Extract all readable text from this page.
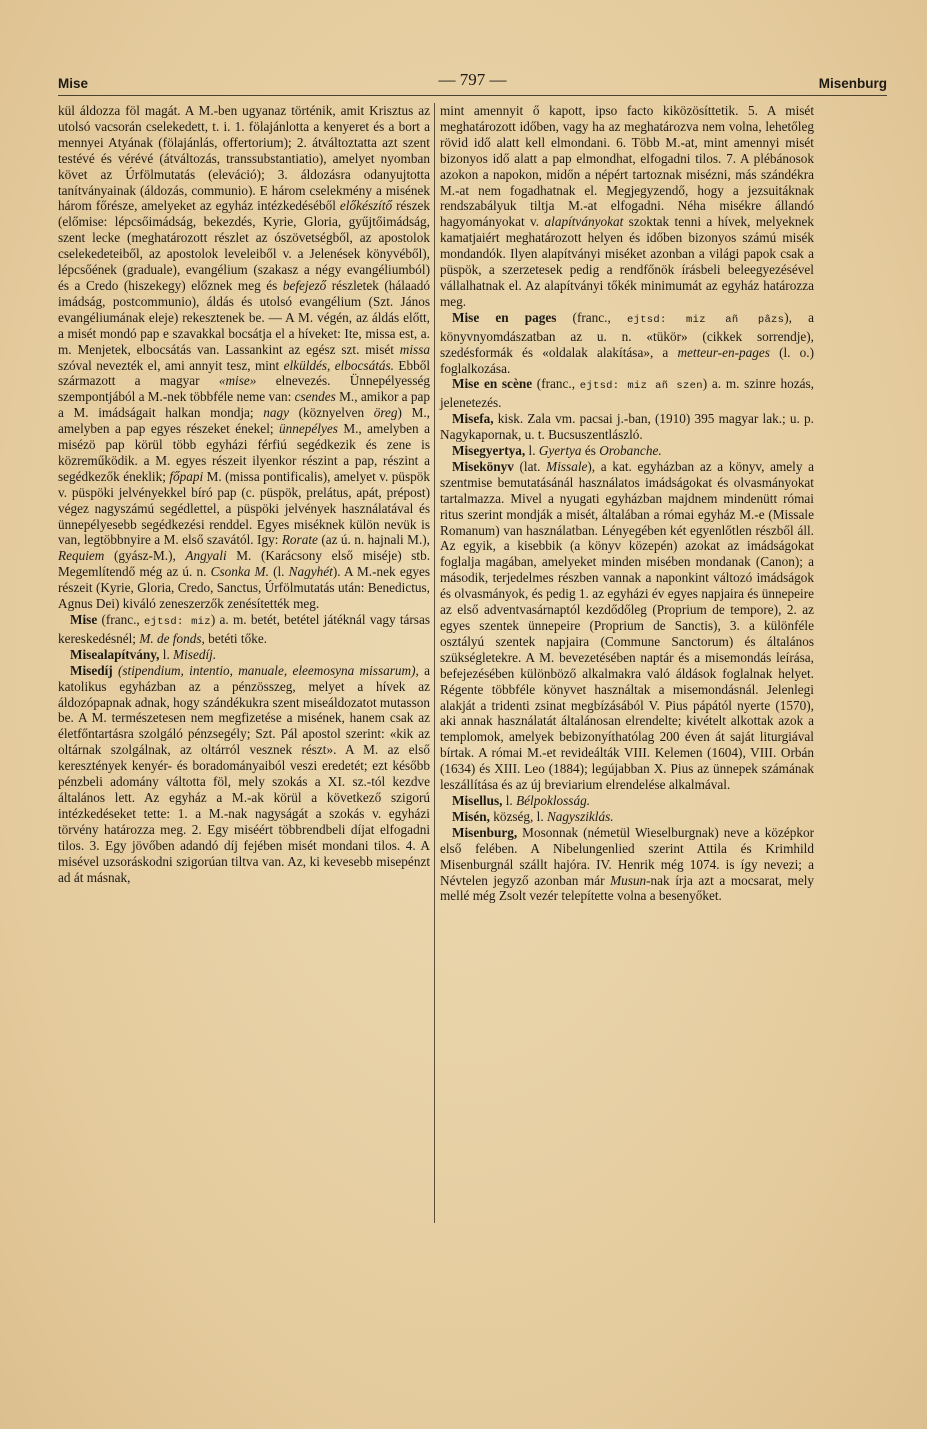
Mise	— 797 —	Misenburg

kül áldozza föl magát. A M.-ben ugyanaz történik, amit Krisztus az utolsó vacsorán cselekedett, t. i. 1. fölajánlotta a kenyeret és a bort a mennyei Atyának (fölajánlás, offertorium); 2. átváltoztatta azt szent testévé és vérévé (átváltozás, transsubstantiatio), amelyet nyomban követ az Úrfölmutatás (eleváció); 3. áldozásra odanyujtotta tanítványainak (áldozás, communio). E három cselekmény a misének három főrésze, amelyeket az egyház intézkedéséből előkészítő részek (előmise: lépcsőimádság, bekezdés, Kyrie, Gloria, gyűjtőimádság, szent lecke (meghatározott részlet az ószövetségből, az apostolok cselekedeteiből, az apostolok leveleiből v. a Jelenések könyvéből), lépcsőének (graduale), evangélium (szakasz a négy evangéliumból) és a Credo (hiszekegy) előznek meg és befejező részletek (hálaadó imádság, postcommunio), áldás és utolsó evangélium (Szt. János evangéliumának eleje) rekesztenek be. — A M. végén, az áldás előtt, a misét mondó pap e szavakkal bocsátja el a híveket: Ite, missa est, a. m. Menjetek, elbocsátás van. Lassankint az egész szt. misét missa szóval nevezték el, ami annyit tesz, mint elküldés, elbocsátás. Ebből származott a magyar «mise» elnevezés. Ünnepélyesség szempontjából a M.-nek többféle neme van: csendes M., amikor a pap a M. imádságait halkan mondja; nagy (köznyelven öreg) M., amelyben a pap egyes részeket énekel; ünnepélyes M., amelyben a misézö pap körül több egyházi férfiú segédkezik és zene is közreműködik. a M. egyes részeit ilyenkor részint a pap, részint a segédkezők éneklik; főpapi M. (missa pontificalis), amelyet v. püspök v. püspöki jelvényekkel bíró pap (c. püspök, prelátus, apát, prépost) végez nagyszámú segédlettel, a püspöki jelvények használatával és ünnepélyesebb segédkezési renddel. Egyes miséknek külön nevük is van, legtöbbnyire a M. első szavától. Igy: Rorate (az ú. n. hajnali M.), Requiem (gyász-M.), Angyali M. (Karácsony első miséje) stb. Megemlítendő még az ú. n. Csonka M. (l. Nagyhét). A M.-nek egyes részeit (Kyrie, Gloria, Credo, Sanctus, Úrfölmutatás után: Benedictus, Agnus Dei) kiváló zeneszerzők zenésítették meg.

Mise (franc., ejtsd: miz) a. m. betét, betétel játéknál vagy társas kereskedésnél; M. de fonds, betéti tőke.

Misealapítvány, l. Misedíj.

Misedíj (stipendium, intentio, manuale, eleemosyna missarum), a katolikus egyházban az a pénzösszeg, melyet a hívek az áldozópapnak adnak, hogy szándékukra szent miseáldozatot mutasson be. A M. természetesen nem megfizetése a misének, hanem csak az életfőntartásra szolgáló pénzsegély; Szt. Pál apostol szerint: «kik az oltárnak szolgálnak, az oltárról vesznek részt». A M. az első keresztények kenyér- és boradományaiból veszi eredetét; ezt később pénzbeli adomány váltotta föl, mely szokás a XI. sz.-tól kezdve általános lett. Az egyház a M.-ak körül a következő szigorú intézkedéseket tette: 1. a M.-nak nagyságát a szokás v. egyházi törvény határozza meg. 2. Egy miséért többrendbeli díjat elfogadni tilos. 3. Egy jövőben adandó díj fejében misét mondani tilos. 4. A misével uzsoráskodni szigorúan tiltva van. Az, ki kevesebb misepénzt ad át másnak,

mint amennyit ő kapott, ipso facto kiközösíttetik. 5. A misét meghatározott időben, vagy ha az meghatározva nem volna, lehetőleg rövid idő alatt kell elmondani. 6. Több M.-at, mint amennyi misét bizonyos idő alatt a pap elmondhat, elfogadni tilos. 7. A plébánosok azokon a napokon, midőn a népért tartoznak misézni, más szándékra M.-at nem fogadhatnak el. Megjegyzendő, hogy a jezsuitáknak rendszabályuk tiltja M.-at elfogadni. Néha misékre állandó hagyományokat v. alapítványokat szoktak tenni a hívek, melyeknek kamatjaiért meghatározott helyen és időben bizonyos számú misék mondandók. Ilyen alapítványi miséket azonban a világi papok csak a püspök, a szerzetesek pedig a rendfőnök írásbeli beleegyezésével vállalhatnak el. Az alapítványi tőkék minimumát az egyház határozza meg.

Mise en pages (franc., ejtsd: miz añ pâzs), a könyvnyomdászatban az u. n. «tükör» (cikkek sorrendje), szedésformák és «oldalak alakítása», a metteur-en-pages (l. o.) foglalkozása.

Mise en scène (franc., ejtsd: miz añ szen) a. m. szinre hozás, jelenetezés.

Misefa, kisk. Zala vm. pacsai j.-ban, (1910) 395 magyar lak.; u. p. Nagykapornak, u. t. Bucsuszentlászló.

Misegyertya, l. Gyertya és Orobanche.

Misekönyv (lat. Missale), a kat. egyházban az a könyv, amely a szentmise bemutatásánál használatos imádságokat és olvasmányokat tartalmazza. Mivel a nyugati egyházban majdnem mindenütt római ritus szerint mondják a misét, általában a római egyház M.-e (Missale Romanum) van használatban. Lényegében két egyenlőtlen részből áll. Az egyik, a kisebbik (a könyv közepén) azokat az imádságokat foglalja magában, amelyeket minden misében mondanak (Canon); a második, terjedelmes részben vannak a naponkint változó imádságok és olvasmányok, és pedig 1. az egyházi év egyes napjaira és ünnepeire az első adventvasárnaptól kezdődőleg (Proprium de tempore), 2. az egyes szentek ünnepeire (Proprium de Sanctis), 3. a különféle osztályú szentek napjaira (Commune Sanctorum) és általános szükségletekre. A M. bevezetésében naptár és a misemondás leírása, befejezésében különböző alkalmakra való áldások foglalnak helyet. Régente többféle könyvet használtak a misemondásnál. Jelenlegi alakját a tridenti zsinat megbízásából V. Pius pápától nyerte (1570), aki annak használatát általánosan elrendelte; kivételt alkottak azok a templomok, amelyek bebizonyíthatólag 200 éven át saját liturgiával bírtak. A római M.-et revideálták VIII. Kelemen (1604), VIII. Orbán (1634) és XIII. Leo (1884); legújabban X. Pius az ünnepek számának leszállítása és az új breviarium elrendelése alkalmával.

Misellus, l. Bélpoklosság.

Misén, község, l. Nagysziklás.

Misenburg, Mosonnak (németül Wieselburgnak) neve a középkor első felében. A Nibelungenlied szerint Attila és Krimhild Misenburgnál szállt hajóra. IV. Henrik még 1074. is így nevezi; a Névtelen jegyző azonban már Musun-nak írja azt a mocsarat, mely mellé még Zsolt vezér telepítette volna a besenyőket.
